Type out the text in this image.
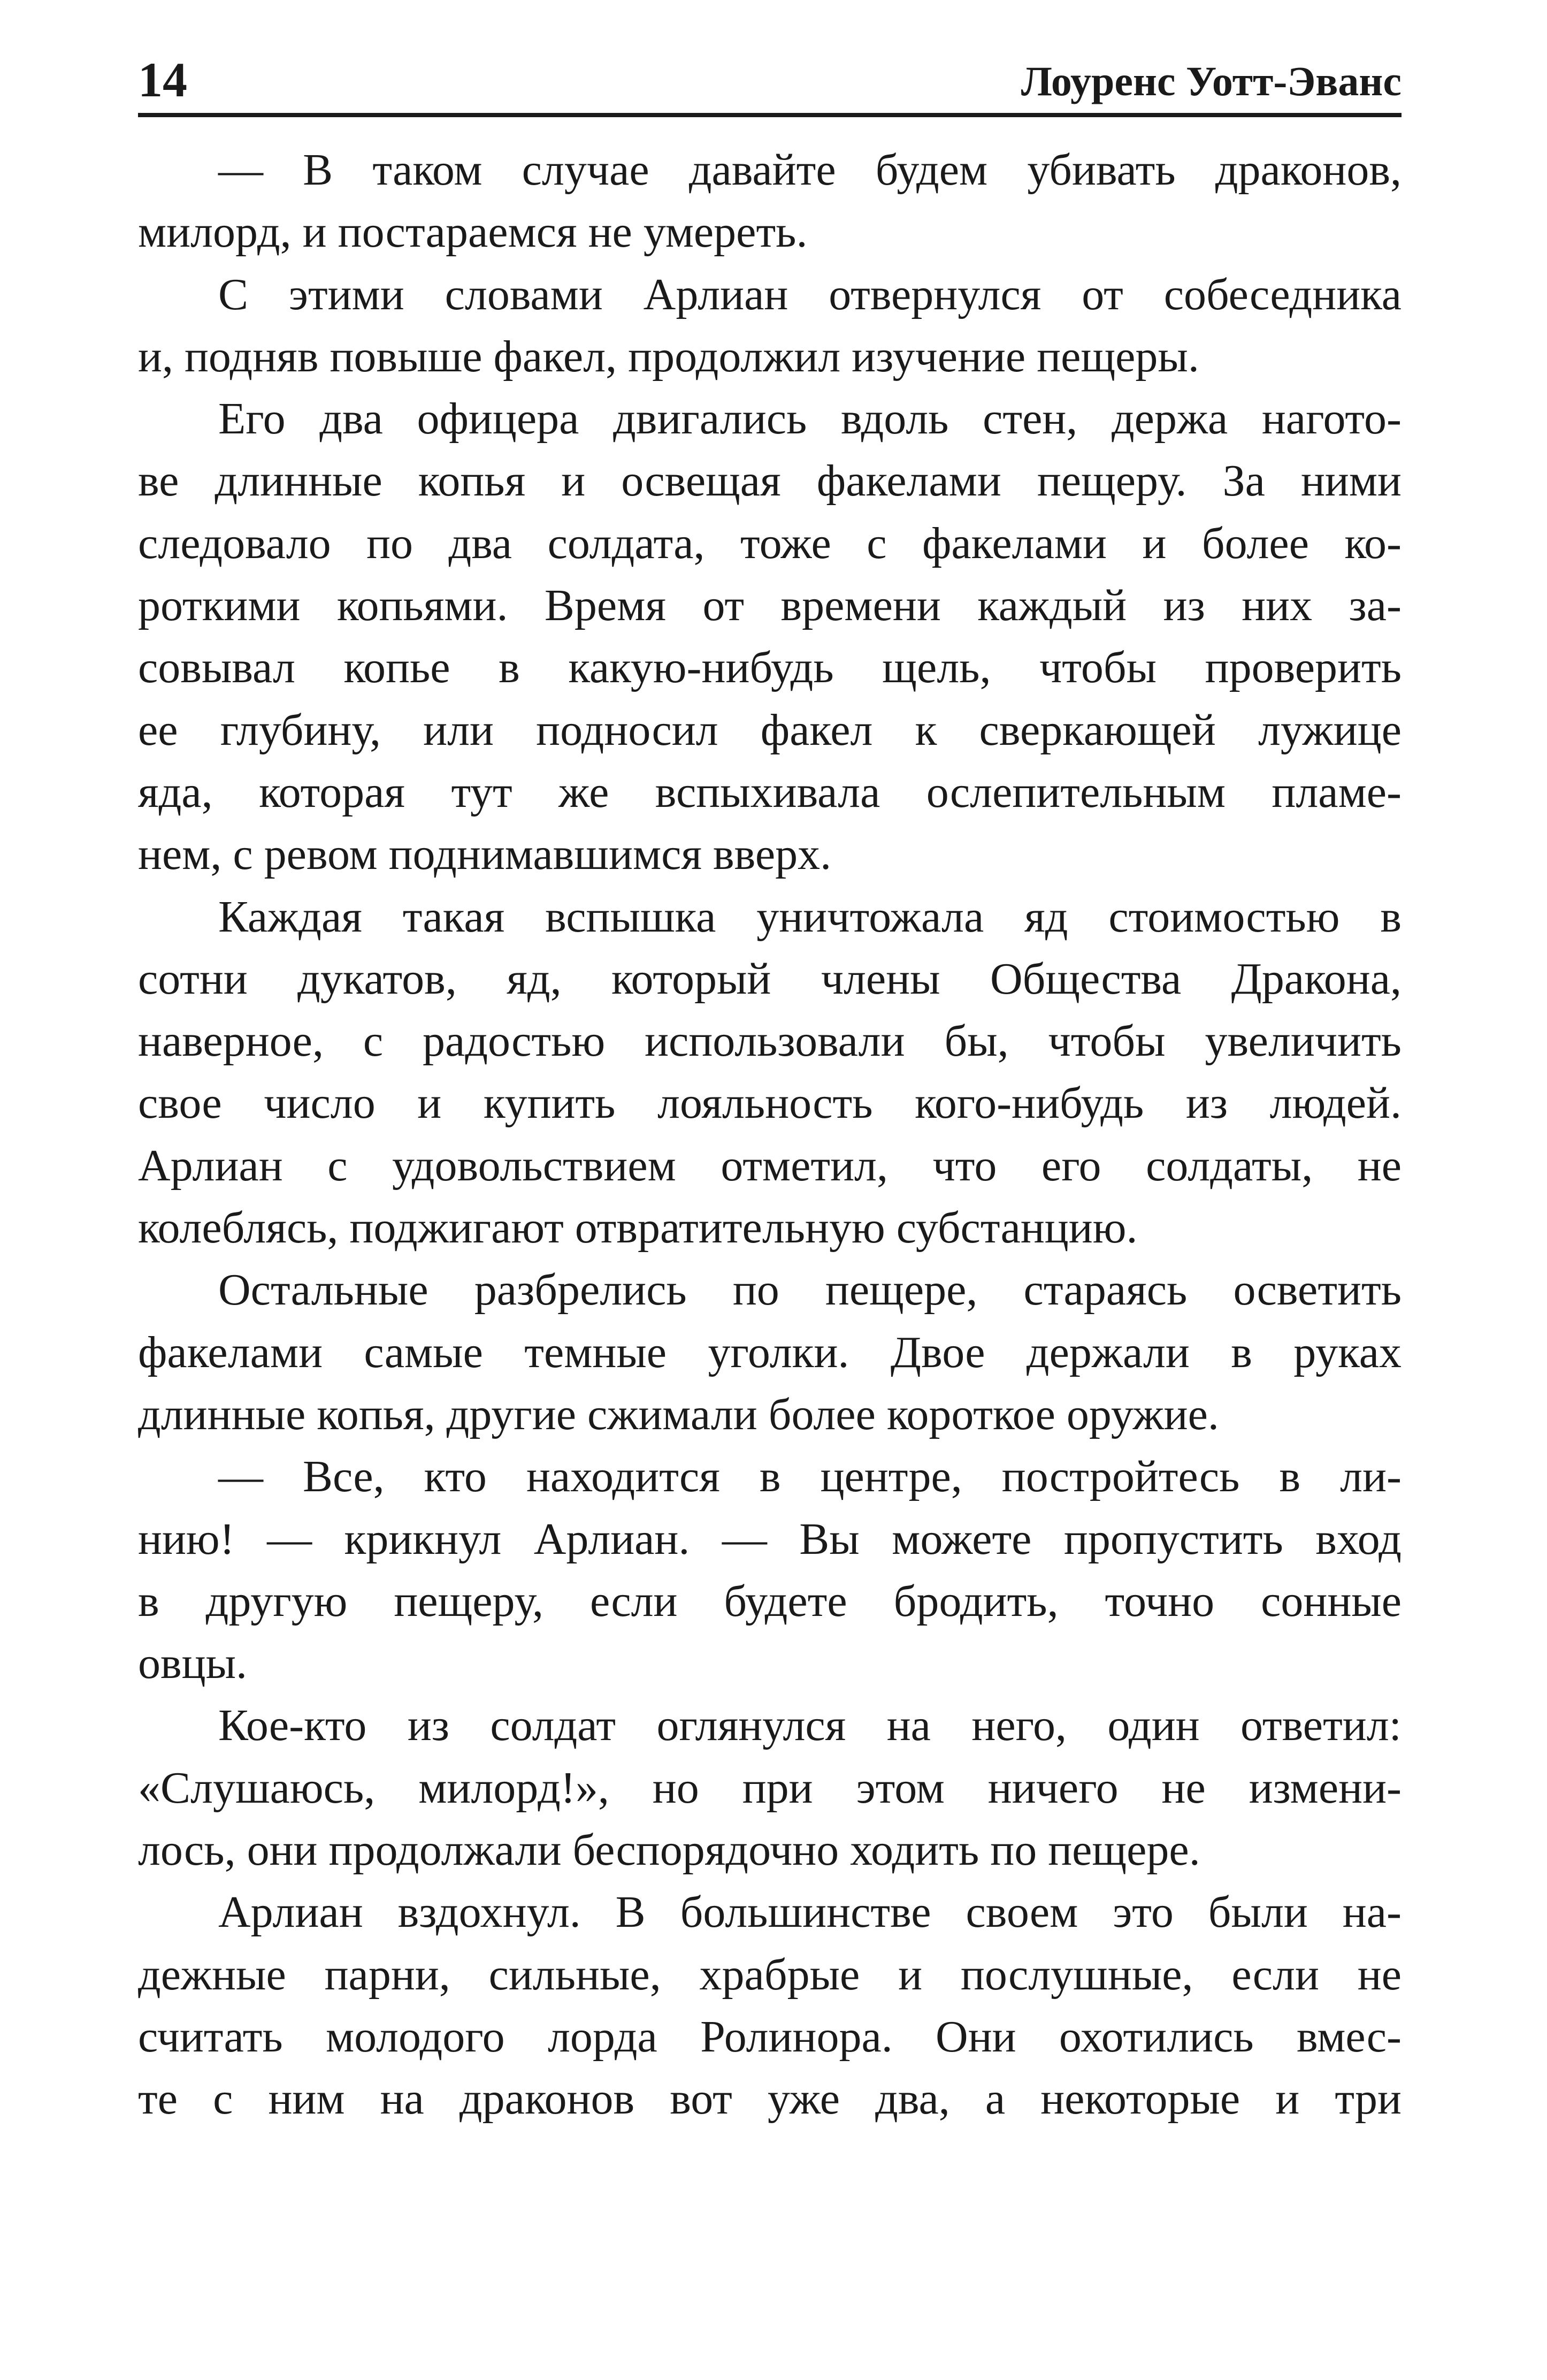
14	Лоуренс Уотт-Эванс
— В таком случае давайте будем убивать драконов,
милорд, и постараемся не умереть.
С этими словами Арлиан отвернулся от собеседника
и, подняв повыше факел, продолжил изучение пещеры.
Его два офицера двигались вдоль стен, держа нагото-
ве длинные копья и освещая факелами пещеру. За ними
следовало по два солдата, тоже с факелами и более ко-
роткими копьями. Время от времени каждый из них за-
совывал копье в какую-нибудь щель, чтобы проверить
ее глубину, или подносил факел к сверкающей лужице
яда, которая тут же вспыхивала ослепительным пламе-
нем, с ревом поднимавшимся вверх.
Каждая такая вспышка уничтожала яд стоимостью в
сотни дукатов, яд, который члены Общества Дракона,
наверное, с радостью использовали бы, чтобы увеличить
свое число и купить лояльность кого-нибудь из людей.
Арлиан с удовольствием отметил, что его солдаты, не
колеблясь, поджигают отвратительную субстанцию.
Остальные разбрелись по пещере, стараясь осветить
факелами самые темные уголки. Двое держали в руках
длинные копья, другие сжимали более короткое оружие.
— Все, кто находится в центре, постройтесь в ли-
нию! — крикнул Арлиан. — Вы можете пропустить вход
в другую пещеру, если будете бродить, точно сонные
овцы.
Кое-кто из солдат оглянулся на него, один ответил:
«Слушаюсь, милорд!», но при этом ничего не измени-
лось, они продолжали беспорядочно ходить по пещере.
Арлиан вздохнул. В большинстве своем это были на-
дежные парни, сильные, храбрые и послушные, если не
считать молодого лорда Ролинора. Они охотились вмес-
те с ним на драконов вот уже два, а некоторые и три
